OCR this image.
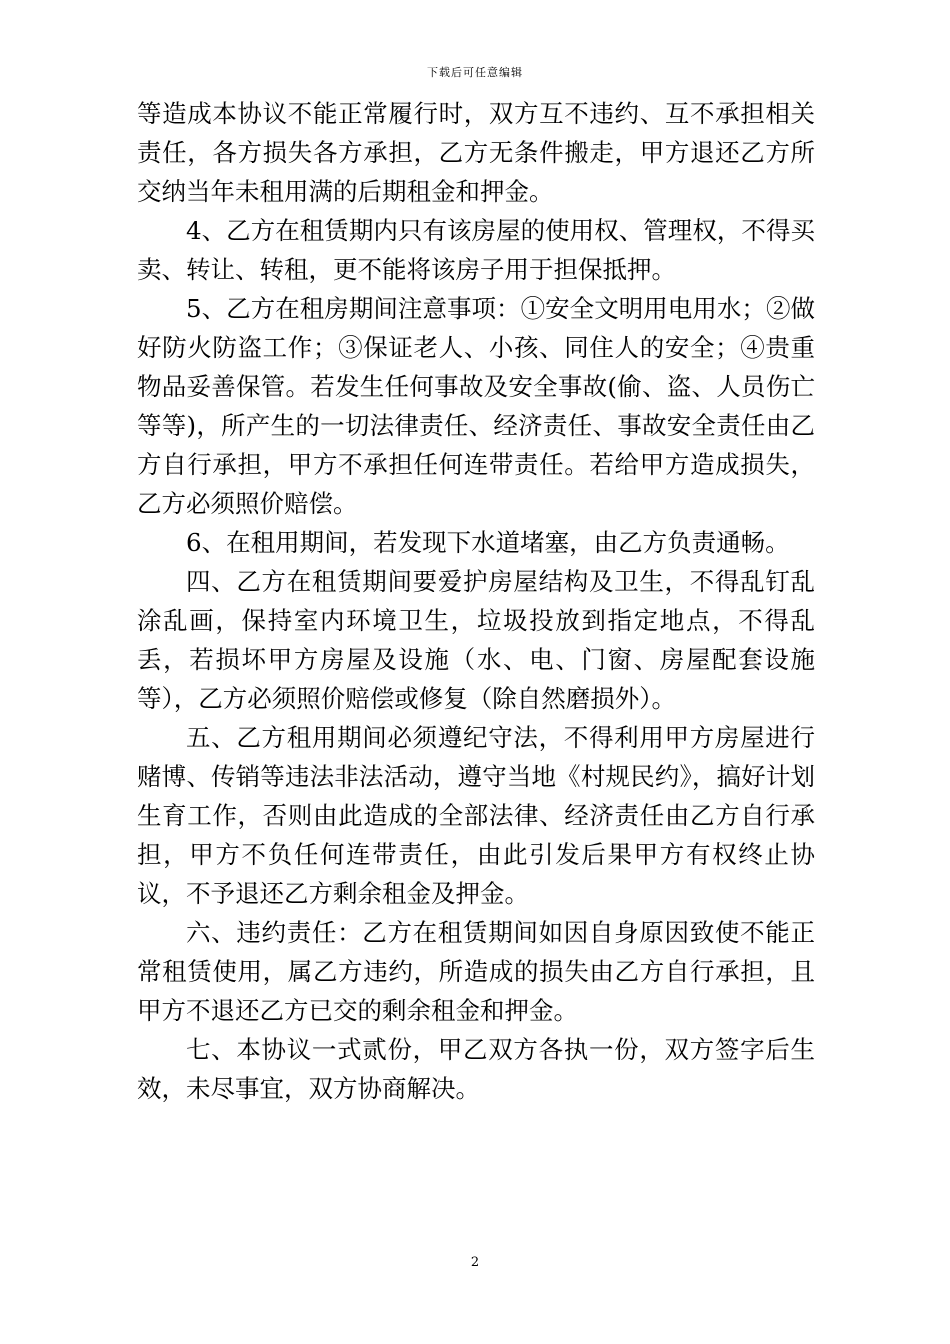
下载后可任意编辑

等造成本协议不能正常履行时，双方互不违约、互不承担相关责任，各方损失各方承担，乙方无条件搬走，甲方退还乙方所交纳当年未租用满的后期租金和押金。

4、乙方在租赁期内只有该房屋的使用权、管理权，不得买卖、转让、转租，更不能将该房子用于担保抵押。

5、乙方在租房期间注意事项：①安全文明用电用水；②做好防火防盗工作；③保证老人、小孩、同住人的安全；④贵重物品妥善保管。若发生任何事故及安全事故(偷、盗、人员伤亡等等)，所产生的一切法律责任、经济责任、事故安全责任由乙方自行承担，甲方不承担任何连带责任。若给甲方造成损失，乙方必须照价赔偿。

6、在租用期间，若发现下水道堵塞，由乙方负责通畅。

四、乙方在租赁期间要爱护房屋结构及卫生，不得乱钉乱涂乱画，保持室内环境卫生，垃圾投放到指定地点，不得乱丢，若损坏甲方房屋及设施（水、电、门窗、房屋配套设施等），乙方必须照价赔偿或修复（除自然磨损外）。

五、乙方租用期间必须遵纪守法，不得利用甲方房屋进行赌博、传销等违法非法活动，遵守当地《村规民约》，搞好计划生育工作，否则由此造成的全部法律、经济责任由乙方自行承担，甲方不负任何连带责任，由此引发后果甲方有权终止协议，不予退还乙方剩余租金及押金。

六、违约责任：乙方在租赁期间如因自身原因致使不能正常租赁使用，属乙方违约，所造成的损失由乙方自行承担，且甲方不退还乙方已交的剩余租金和押金。

七、本协议一式贰份，甲乙双方各执一份，双方签字后生效，未尽事宜，双方协商解决。

2
